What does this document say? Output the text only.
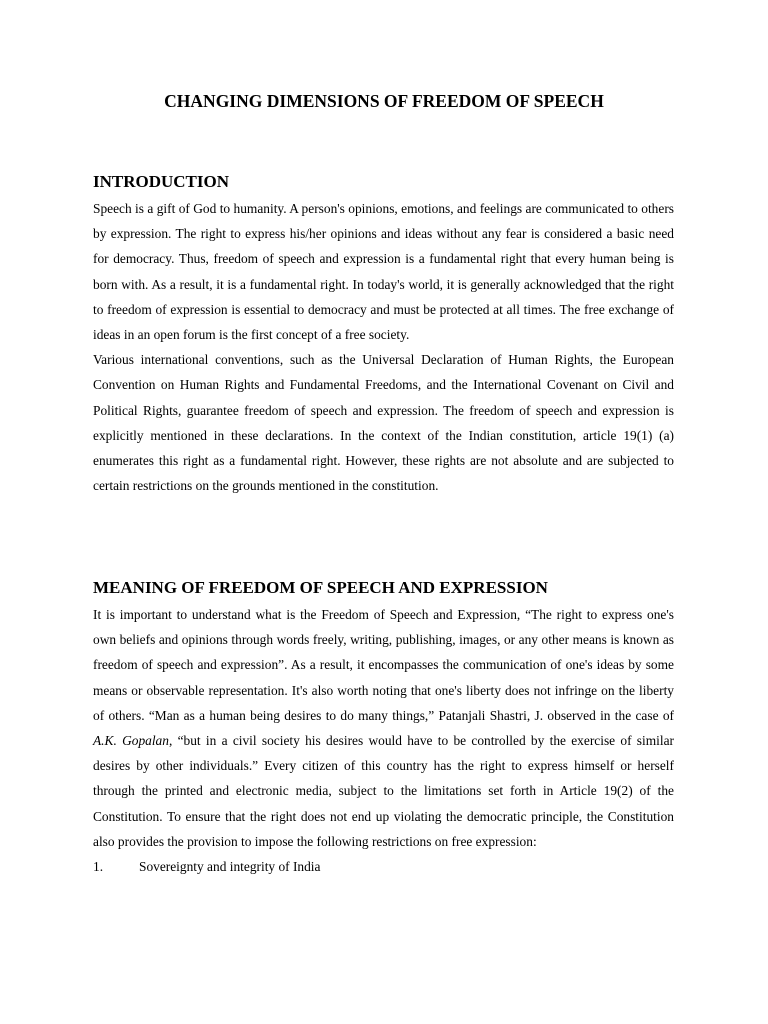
CHANGING DIMENSIONS OF FREEDOM OF SPEECH
INTRODUCTION

Speech is a gift of God to humanity. A person's opinions, emotions, and feelings are communicated to others by expression. The right to express his/her opinions and ideas without any fear is considered a basic need for democracy. Thus, freedom of speech and expression is a fundamental right that every human being is born with. As a result, it is a fundamental right. In today's world, it is generally acknowledged that the right to freedom of expression is essential to democracy and must be protected at all times. The free exchange of ideas in an open forum is the first concept of a free society.

Various international conventions, such as the Universal Declaration of Human Rights, the European Convention on Human Rights and Fundamental Freedoms, and the International Covenant on Civil and Political Rights, guarantee freedom of speech and expression. The freedom of speech and expression is explicitly mentioned in these declarations. In the context of the Indian constitution, article 19(1) (a) enumerates this right as a fundamental right. However, these rights are not absolute and are subjected to certain restrictions on the grounds mentioned in the constitution.

MEANING OF FREEDOM OF SPEECH AND EXPRESSION

It is important to understand what is the Freedom of Speech and Expression, “The right to express one's own beliefs and opinions through words freely, writing, publishing, images, or any other means is known as freedom of speech and expression”. As a result, it encompasses the communication of one's ideas by some means or observable representation. It's also worth noting that one's liberty does not infringe on the liberty of others. “Man as a human being desires to do many things,” Patanjali Shastri, J. observed in the case of A.K. Gopalan, “but in a civil society his desires would have to be controlled by the exercise of similar desires by other individuals.” Every citizen of this country has the right to express himself or herself through the printed and electronic media, subject to the limitations set forth in Article 19(2) of the Constitution. To ensure that the right does not end up violating the democratic principle, the Constitution also provides the provision to impose the following restrictions on free expression:

1.	Sovereignty and integrity of India
